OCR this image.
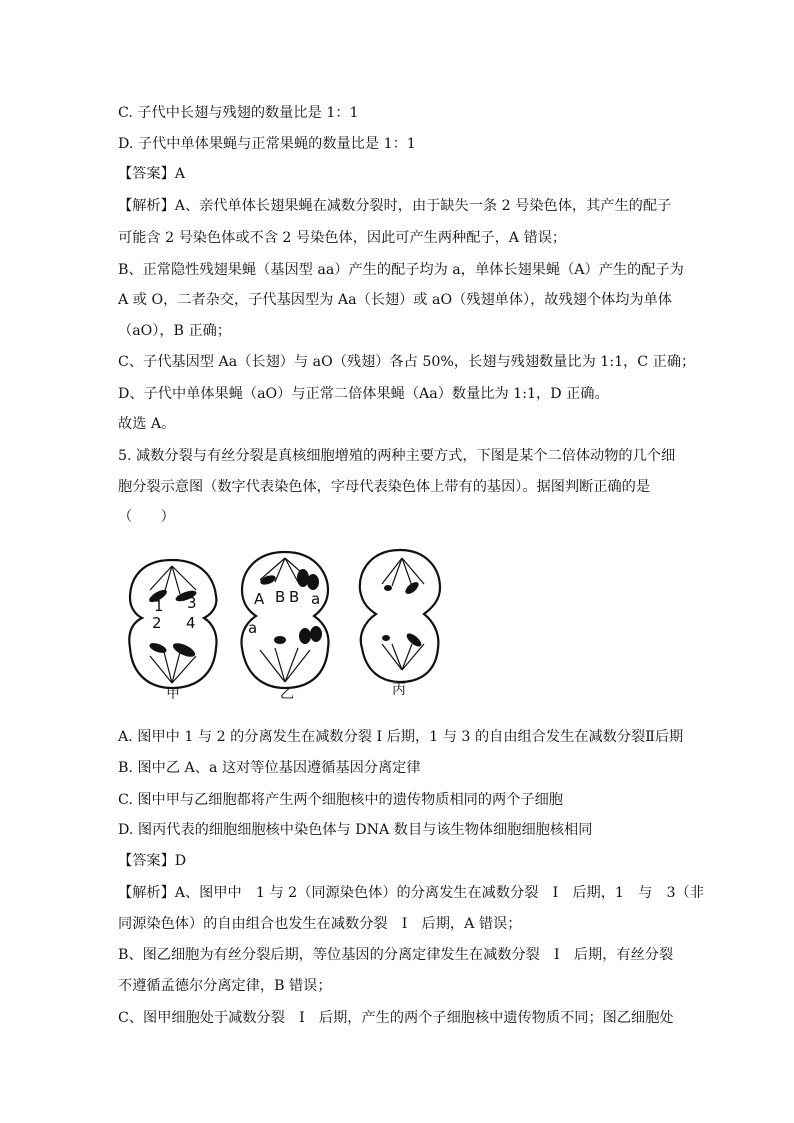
C. 子代中长翅与残翅的数量比是 1：1
D. 子代中单体果蝇与正常果蝇的数量比是 1：1
【答案】A
【解析】A、亲代单体长翅果蝇在减数分裂时，由于缺失一条 2 号染色体，其产生的配子
可能含 2 号染色体或不含 2 号染色体，因此可产生两种配子，A 错误；
B、正常隐性残翅果蝇（基因型 aa）产生的配子均为 a，单体长翅果蝇（A）产生的配子为
A 或 O，二者杂交，子代基因型为 Aa（长翅）或 aO（残翅单体），故残翅个体均为单体
（aO），B 正确；
C、子代基因型 Aa（长翅）与 aO（残翅）各占 50%，长翅与残翅数量比为 1:1，C 正确；
D、子代中单体果蝇（aO）与正常二倍体果蝇（Aa）数量比为 1:1，D 正确。
故选 A。
5. 减数分裂与有丝分裂是真核细胞增殖的两种主要方式，下图是某个二倍体动物的几个细
胞分裂示意图（数字代表染色体，字母代表染色体上带有的基因）。据图判断正确的是
（　　）
1 3
2 4
甲
A B B a
a
乙	丙
A. 图甲中 1 与 2 的分离发生在减数分裂 I 后期，1 与 3 的自由组合发生在减数分裂Ⅱ后期
B. 图中乙 A、a 这对等位基因遵循基因分离定律
C. 图中甲与乙细胞都将产生两个细胞核中的遗传物质相同的两个子细胞
D. 图丙代表的细胞细胞核中染色体与 DNA 数目与该生物体细胞细胞核相同
【答案】D
【解析】A、图甲中　1 与 2（同源染色体）的分离发生在减数分裂　Ⅰ　后期，1　与　3（非
同源染色体）的自由组合也发生在减数分裂　Ⅰ　后期，A 错误；
B、图乙细胞为有丝分裂后期，等位基因的分离定律发生在减数分裂　Ⅰ　后期，有丝分裂
不遵循孟德尔分离定律，B 错误；
C、图甲细胞处于减数分裂　Ⅰ　后期，产生的两个子细胞核中遗传物质不同；图乙细胞处
